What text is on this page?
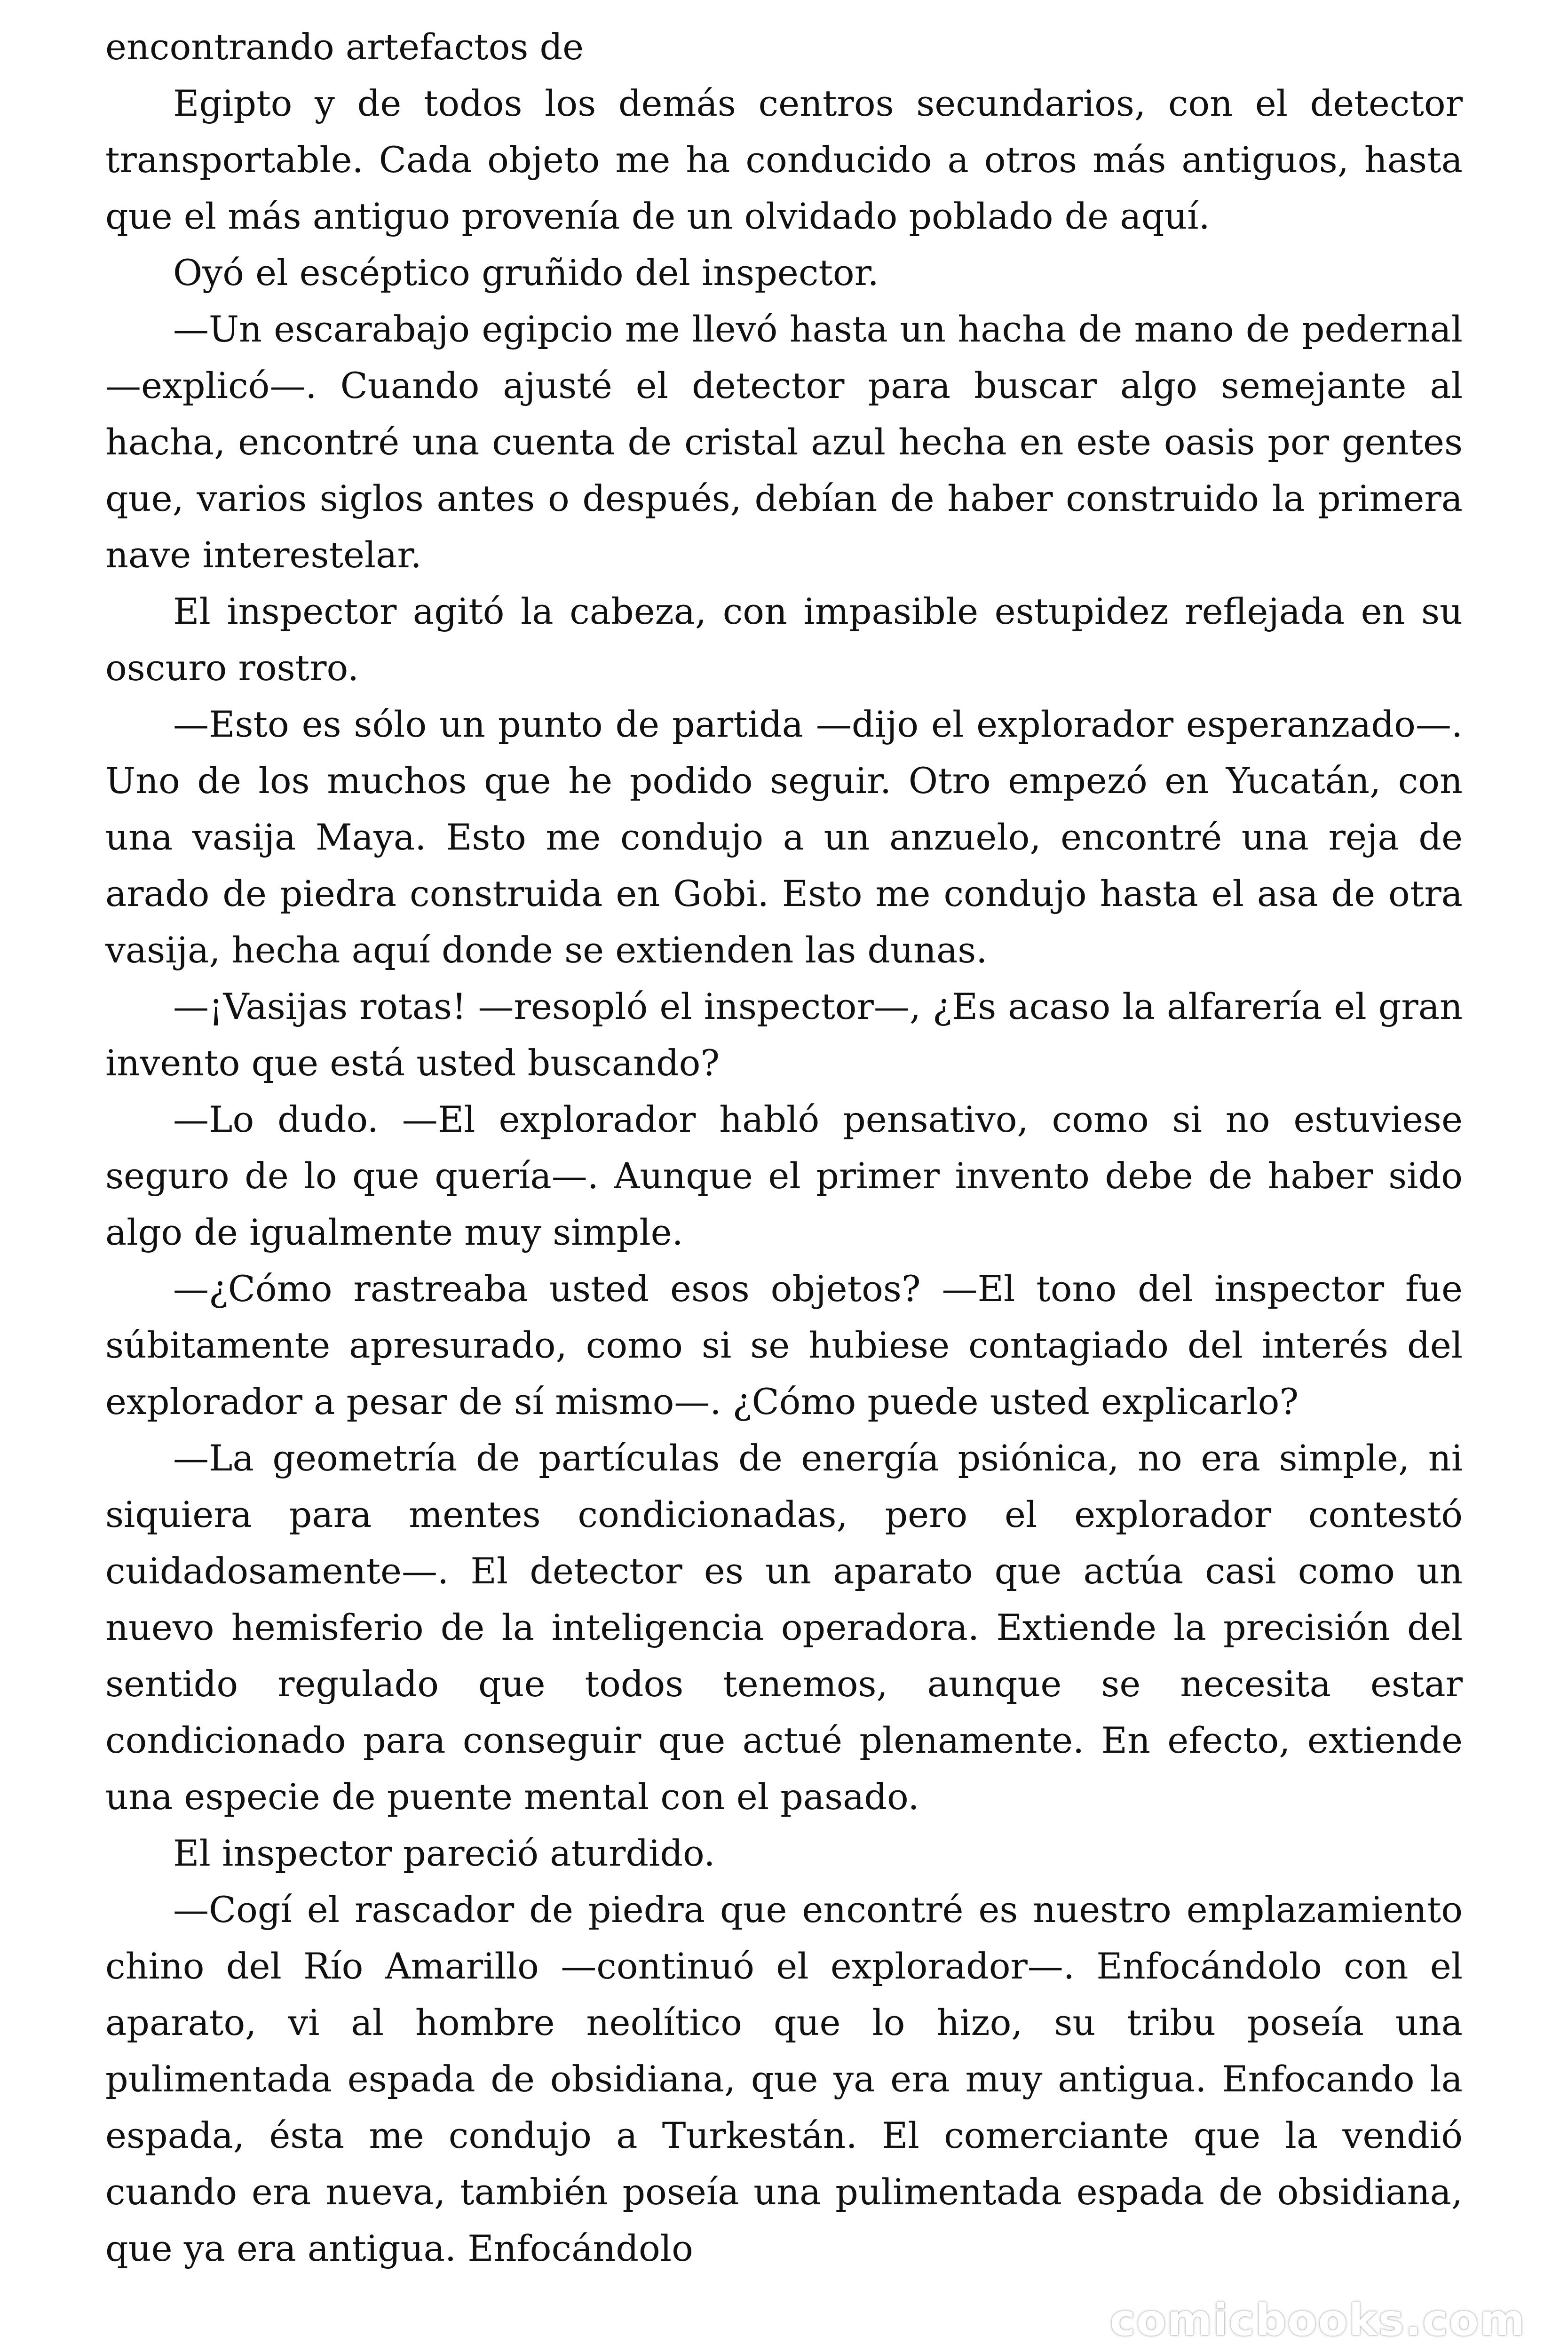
encontrando artefactos de

Egipto y de todos los demás centros secundarios, con el detector transportable. Cada objeto me ha conducido a otros más antiguos, hasta que el más antiguo provenía de un olvidado poblado de aquí.

Oyó el escéptico gruñido del inspector.

—Un escarabajo egipcio me llevó hasta un hacha de mano de pedernal —explicó—. Cuando ajusté el detector para buscar algo semejante al hacha, encontré una cuenta de cristal azul hecha en este oasis por gentes que, varios siglos antes o después, debían de haber construido la primera nave interestelar.

El inspector agitó la cabeza, con impasible estupidez reflejada en su oscuro rostro.

—Esto es sólo un punto de partida —dijo el explorador esperanzado—. Uno de los muchos que he podido seguir. Otro empezó en Yucatán, con una vasija Maya. Esto me condujo a un anzuelo, encontré una reja de arado de piedra construida en Gobi. Esto me condujo hasta el asa de otra vasija, hecha aquí donde se extienden las dunas.

—¡Vasijas rotas! —resopló el inspector—, ¿Es acaso la alfarería el gran invento que está usted buscando?

—Lo dudo. —El explorador habló pensativo, como si no estuviese seguro de lo que quería—. Aunque el primer invento debe de haber sido algo de igualmente muy simple.

—¿Cómo rastreaba usted esos objetos? —El tono del inspector fue súbitamente apresurado, como si se hubiese contagiado del interés del explorador a pesar de sí mismo—. ¿Cómo puede usted explicarlo?

—La geometría de partículas de energía psiónica, no era simple, ni siquiera para mentes condicionadas, pero el explorador contestó cuidadosamente—. El detector es un aparato que actúa casi como un nuevo hemisferio de la inteligencia operadora. Extiende la precisión del sentido regulado que todos tenemos, aunque se necesita estar condicionado para conseguir que actué plenamente. En efecto, extiende una especie de puente mental con el pasado.

El inspector pareció aturdido.

—Cogí el rascador de piedra que encontré es nuestro emplazamiento chino del Río Amarillo —continuó el explorador—. Enfocándolo con el aparato, vi al hombre neolítico que lo hizo, su tribu poseía una pulimentada espada de obsidiana, que ya era muy antigua. Enfocando la espada, ésta me condujo a Turkestán. El comerciante que la vendió cuando era nueva, también poseía una pulimentada espada de obsidiana, que ya era antigua. Enfocándolo

comicbooks.com
